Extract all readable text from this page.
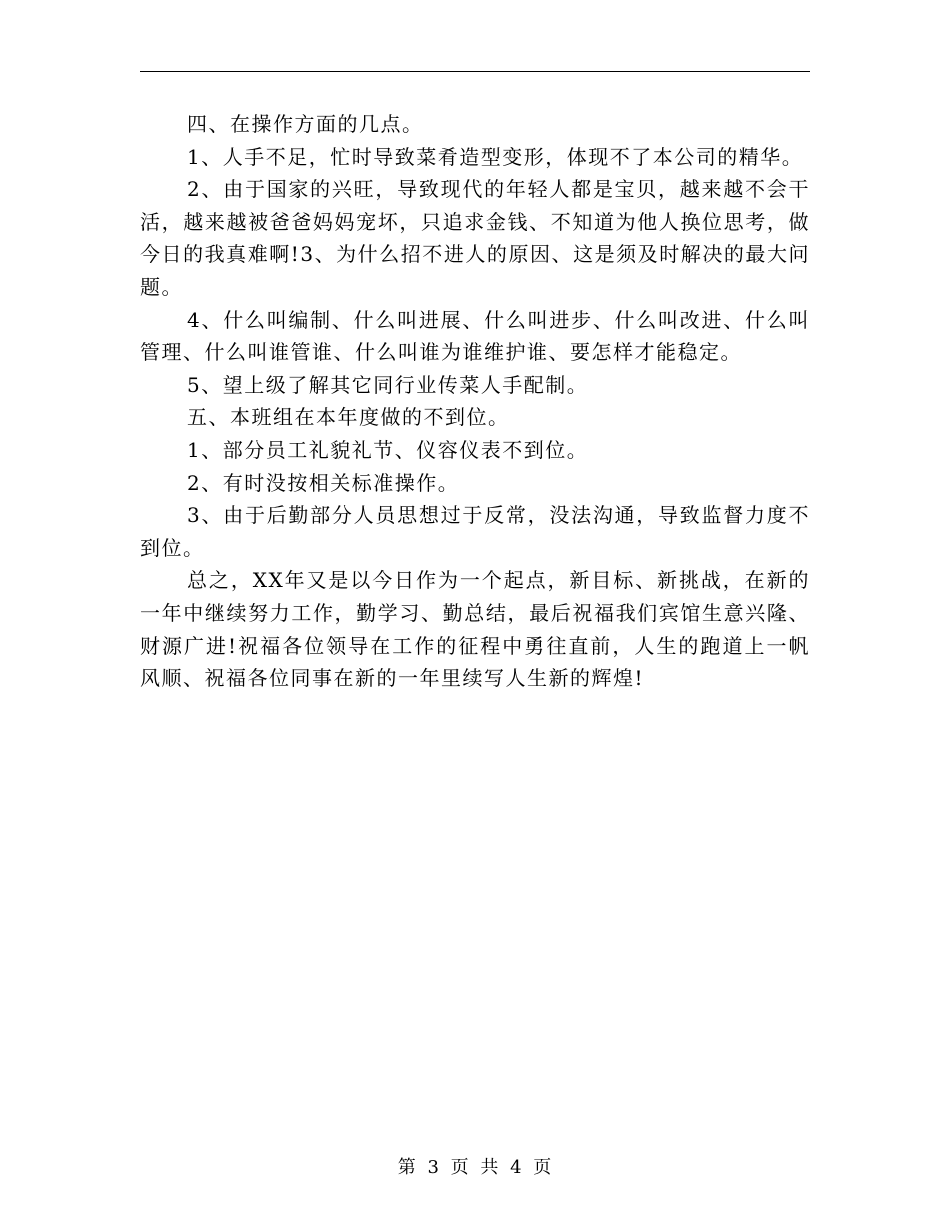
四、在操作方面的几点。

1、人手不足，忙时导致菜肴造型变形，体现不了本公司的精华。

2、由于国家的兴旺，导致现代的年轻人都是宝贝，越来越不会干活，越来越被爸爸妈妈宠坏，只追求金钱、不知道为他人换位思考，做今日的我真难啊!3、为什么招不进人的原因、这是须及时解决的最大问题。

4、什么叫编制、什么叫进展、什么叫进步、什么叫改进、什么叫管理、什么叫谁管谁、什么叫谁为谁维护谁、要怎样才能稳定。

5、望上级了解其它同行业传菜人手配制。

五、本班组在本年度做的不到位。

1、部分员工礼貌礼节、仪容仪表不到位。

2、有时没按相关标准操作。

3、由于后勤部分人员思想过于反常，没法沟通，导致监督力度不到位。

总之，XX年又是以今日作为一个起点，新目标、新挑战，在新的一年中继续努力工作，勤学习、勤总结，最后祝福我们宾馆生意兴隆、财源广进!祝福各位领导在工作的征程中勇往直前，人生的跑道上一帆风顺、祝福各位同事在新的一年里续写人生新的辉煌!

第 3 页 共 4 页
